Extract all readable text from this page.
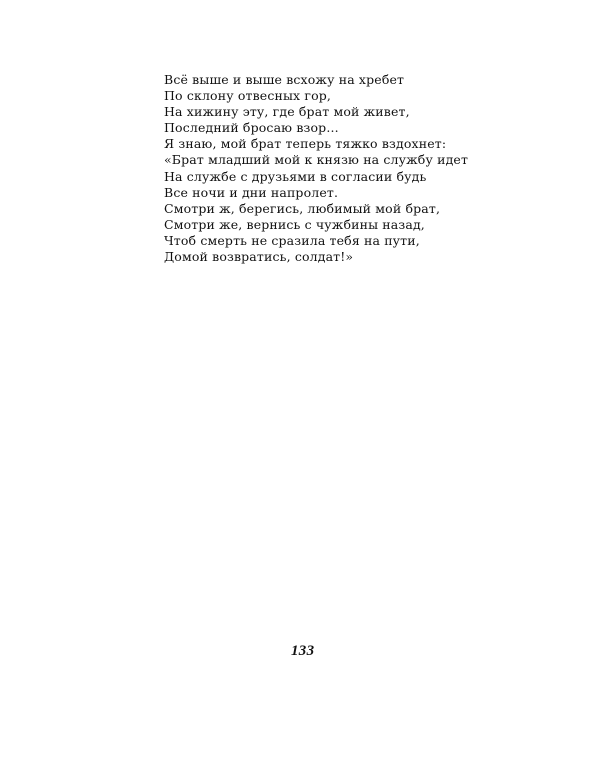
Всё выше и выше всхожу на хребет
По склону отвесных гор,
На хижину эту, где брат мой живет,
Последний бросаю взор...
Я знаю, мой брат теперь тяжко вздохнет:
«Брат младший мой к князю на службу идет
На службе с друзьями в согласии будь
Все ночи и дни напролет.
Смотри ж, берегись, любимый мой брат,
Смотри же, вернись с чужбины назад,
Чтоб смерть не сразила тебя на пути,
Домой возвратись, солдат!»
133
